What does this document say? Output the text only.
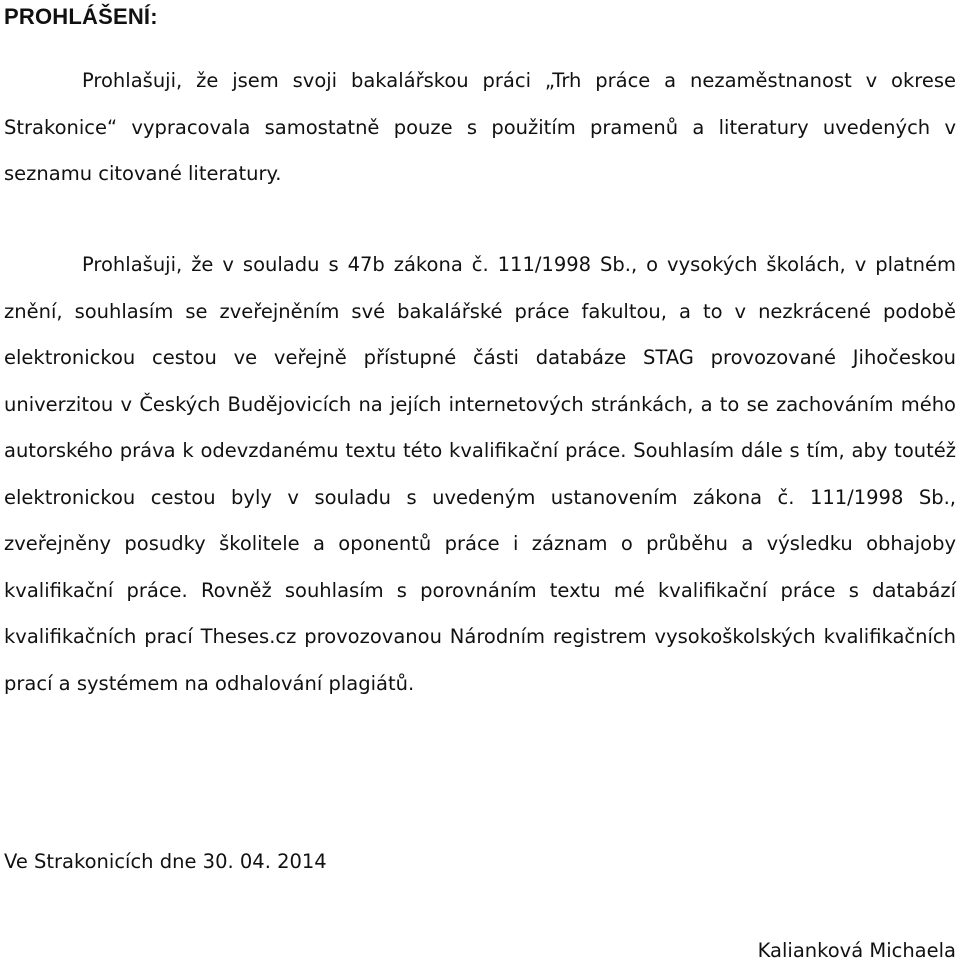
PROHLÁŠENÍ:

Prohlašuji, že jsem svoji bakalářskou práci „Trh práce a nezaměstnanost v okrese Strakonice“ vypracovala samostatně pouze s použitím pramenů a literatury uvedených v seznamu citované literatury.

Prohlašuji, že v souladu s 47b zákona č. 111/1998 Sb., o vysokých školách, v platném znění, souhlasím se zveřejněním své bakalářské práce fakultou, a to v nezkrácené podobě elektronickou cestou ve veřejně přístupné části databáze STAG provozované Jihočeskou univerzitou v Českých Budějovicích na jejích internetových stránkách, a to se zachováním mého autorského práva k odevzdanému textu této kvalifikační práce. Souhlasím dále s tím, aby toutéž elektronickou cestou byly v souladu s uvedeným ustanovením zákona č. 111/1998 Sb., zveřejněny posudky školitele a oponentů práce i záznam o průběhu a výsledku obhajoby kvalifikační práce. Rovněž souhlasím s porovnáním textu mé kvalifikační práce s databází kvalifikačních prací Theses.cz provozovanou Národním registrem vysokoškolských kvalifikačních prací a systémem na odhalování plagiátů.

Ve Strakonicích dne 30. 04. 2014

Kalianková Michaela
